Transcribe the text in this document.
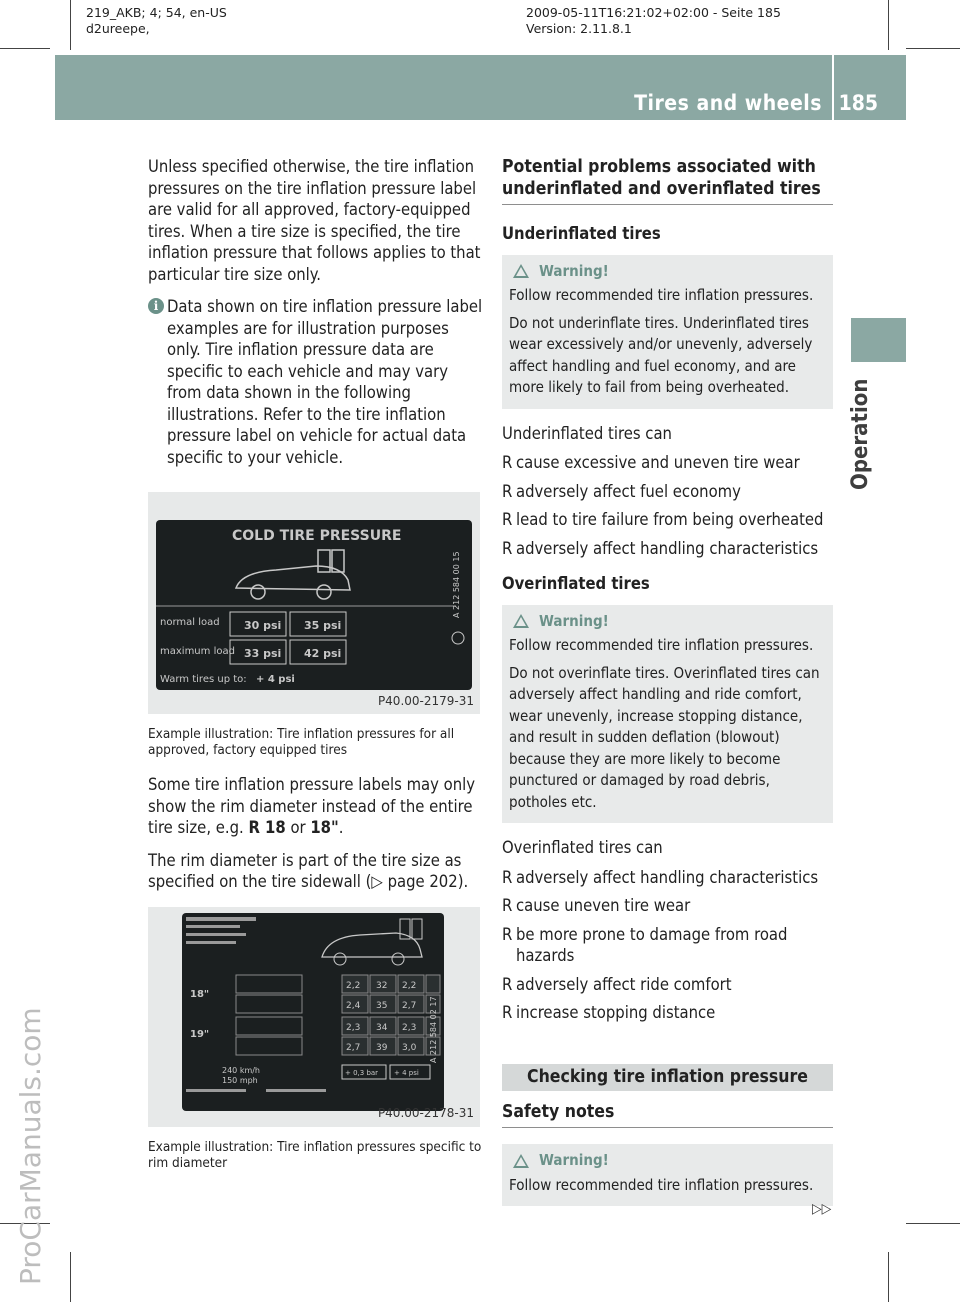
219_AKB; 4; 54, en-US
d2ureepe,
2009-05-11T16:21:02+02:00 - Seite 185
Version: 2.11.8.1
Tires and wheels 185
Operation
ProCarManuals.com

Unless specified otherwise, the tire inflation pressures on the tire inflation pressure label are valid for all approved, factory-equipped tires. When a tire size is specified, the tire inflation pressure that follows applies to that particular tire size only.

i Data shown on tire inflation pressure label examples are for illustration purposes only. Tire inflation pressure data are specific to each vehicle and may vary from data shown in the following illustrations. Refer to the tire inflation pressure label on vehicle for actual data specific to your vehicle.
COLD TIRE PRESSURE
normal load 30 psi 35 psi
maximum load 33 psi 42 psi
Warm tires up to: + 4 psi
A 212 584 00 15
P40.00-2179-31
Example illustration: Tire inflation pressures for all approved, factory equipped tires

Some tire inflation pressure labels may only show the rim diameter instead of the entire tire size, e.g. R 18 or 18".

The rim diameter is part of the tire size as specified on the tire sidewall (▷ page 202).

18"
19"
2,2 32 2,2
2,4 35 2,7
2,3 34 2,3
2,7 39 3,0
240 km/h
150 mph
+ 0,3 bar + 4 psi
A 212 584 02 17
P40.00-2178-31
Example illustration: Tire inflation pressures specific to rim diameter
Potential problems associated with underinflated and overinflated tires
Underinflated tires
Warning!

Follow recommended tire inflation pressures.

Do not underinflate tires. Underinflated tires wear excessively and/or unevenly, adversely affect handling and fuel economy, and are more likely to fail from being overheated.

Underinflated tires can
R cause excessive and uneven tire wear
R adversely affect fuel economy
R lead to tire failure from being overheated
R adversely affect handling characteristics
Overinflated tires
Warning!

Follow recommended tire inflation pressures.

Do not overinflate tires. Overinflated tires can adversely affect handling and ride comfort, wear unevenly, increase stopping distance, and result in sudden deflation (blowout) because they are more likely to become punctured or damaged by road debris, potholes etc.

Overinflated tires can
R adversely affect handling characteristics
R cause uneven tire wear
R be more prone to damage from road hazards
R adversely affect ride comfort
R increase stopping distance
Checking tire inflation pressure
Safety notes
Warning!

Follow recommended tire inflation pressures.

▷▷
